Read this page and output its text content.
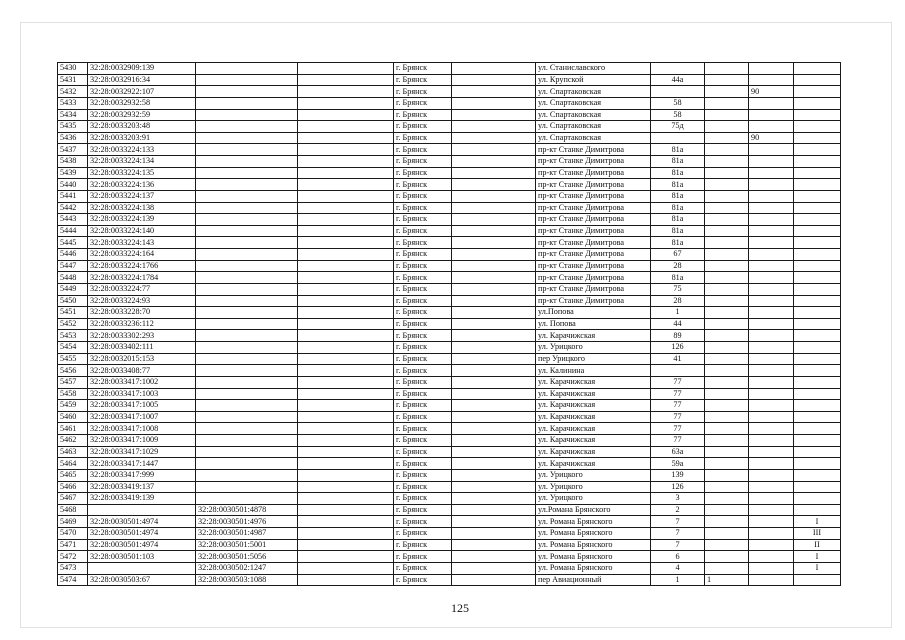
5430	32:28:0032909:139			г. Брянск		ул. Станиславского				
5431	32:28:0032916:34			г. Брянск		ул. Крупской	44а			
5432	32:28:0032922:107			г. Брянск		ул. Спартаковская			90	
5433	32:28:0032932:58			г. Брянск		ул. Спартаковская	58			
5434	32:28:0032932:59			г. Брянск		ул. Спартаковская	58			
5435	32:28:0033203:48			г. Брянск		ул. Спартаковская	75д			
5436	32:28:0033203:91			г. Брянск		ул. Спартаковская			90	
5437	32:28:0033224:133			г. Брянск		пр-кт Станке Димитрова	81а			
5438	32:28:0033224:134			г. Брянск		пр-кт Станке Димитрова	81а			
5439	32:28:0033224:135			г. Брянск		пр-кт Станке Димитрова	81а			
5440	32:28:0033224:136			г. Брянск		пр-кт Станке Димитрова	81а			
5441	32:28:0033224:137			г. Брянск		пр-кт Станке Димитрова	81а			
5442	32:28:0033224:138			г. Брянск		пр-кт Станке Димитрова	81а			
5443	32:28:0033224:139			г. Брянск		пр-кт Станке Димитрова	81а			
5444	32:28:0033224:140			г. Брянск		пр-кт Станке Димитрова	81а			
5445	32:28:0033224:143			г. Брянск		пр-кт Станке Димитрова	81а			
5446	32:28:0033224:164			г. Брянск		пр-кт Станке Димитрова	67			
5447	32:28:0033224:1766			г. Брянск		пр-кт Станке Димитрова	28			
5448	32:28:0033224:1784			г. Брянск		пр-кт Станке Димитрова	81а			
5449	32:28:0033224:77			г. Брянск		пр-кт Станке Димитрова	75			
5450	32:28:0033224:93			г. Брянск		пр-кт Станке Димитрова	28			
5451	32:28:0033228:70			г. Брянск		ул.Попова	1			
5452	32:28:0033236:112			г. Брянск		ул. Попова	44			
5453	32:28:0033302:293			г. Брянск		ул. Карачижская	89			
5454	32:28:0033402:111			г. Брянск		ул. Урицкого	126			
5455	32:28:0032015:153			г. Брянск		пер Урицкого	41			
5456	32:28:0033408:77			г. Брянск		ул. Калинина				
5457	32:28:0033417:1002			г. Брянск		ул. Карачижская	77			
5458	32:28:0033417:1003			г. Брянск		ул. Карачижская	77			
5459	32:28:0033417:1005			г. Брянск		ул. Карачижская	77			
5460	32:28:0033417:1007			г. Брянск		ул. Карачижская	77			
5461	32:28:0033417:1008			г. Брянск		ул. Карачижская	77			
5462	32:28:0033417:1009			г. Брянск		ул. Карачижская	77			
5463	32:28:0033417:1029			г. Брянск		ул. Карачижская	63а			
5464	32:28:0033417:1447			г. Брянск		ул. Карачижская	59а			
5465	32:28:0033417:999			г. Брянск		ул. Урицкого	139			
5466	32:28:0033419:137			г. Брянск		ул. Урицкого	126			
5467	32:28:0033419:139			г. Брянск		ул. Урицкого	3			
5468		32:28:0030501:4878		г. Брянск		ул.Романа Брянского	2			
5469	32:28:0030501:4974	32:28:0030501:4976		г. Брянск		ул. Романа Брянского	7			I
5470	32:28:0030501:4974	32:28:0030501:4987		г. Брянск		ул. Романа Брянского	7			III
5471	32:28:0030501:4974	32:28:0030501:5001		г. Брянск		ул. Романа Брянского	7			II
5472	32:28:0030501:103	32:28:0030501:5056		г. Брянск		ул. Романа Брянского	6			I
5473		32:28:0030502:1247		г. Брянск		ул. Романа Брянского	4			I
5474	32:28:0030503:67	32:28:0030503:1088		г. Брянск		пер Авиационный	1	1		
125
